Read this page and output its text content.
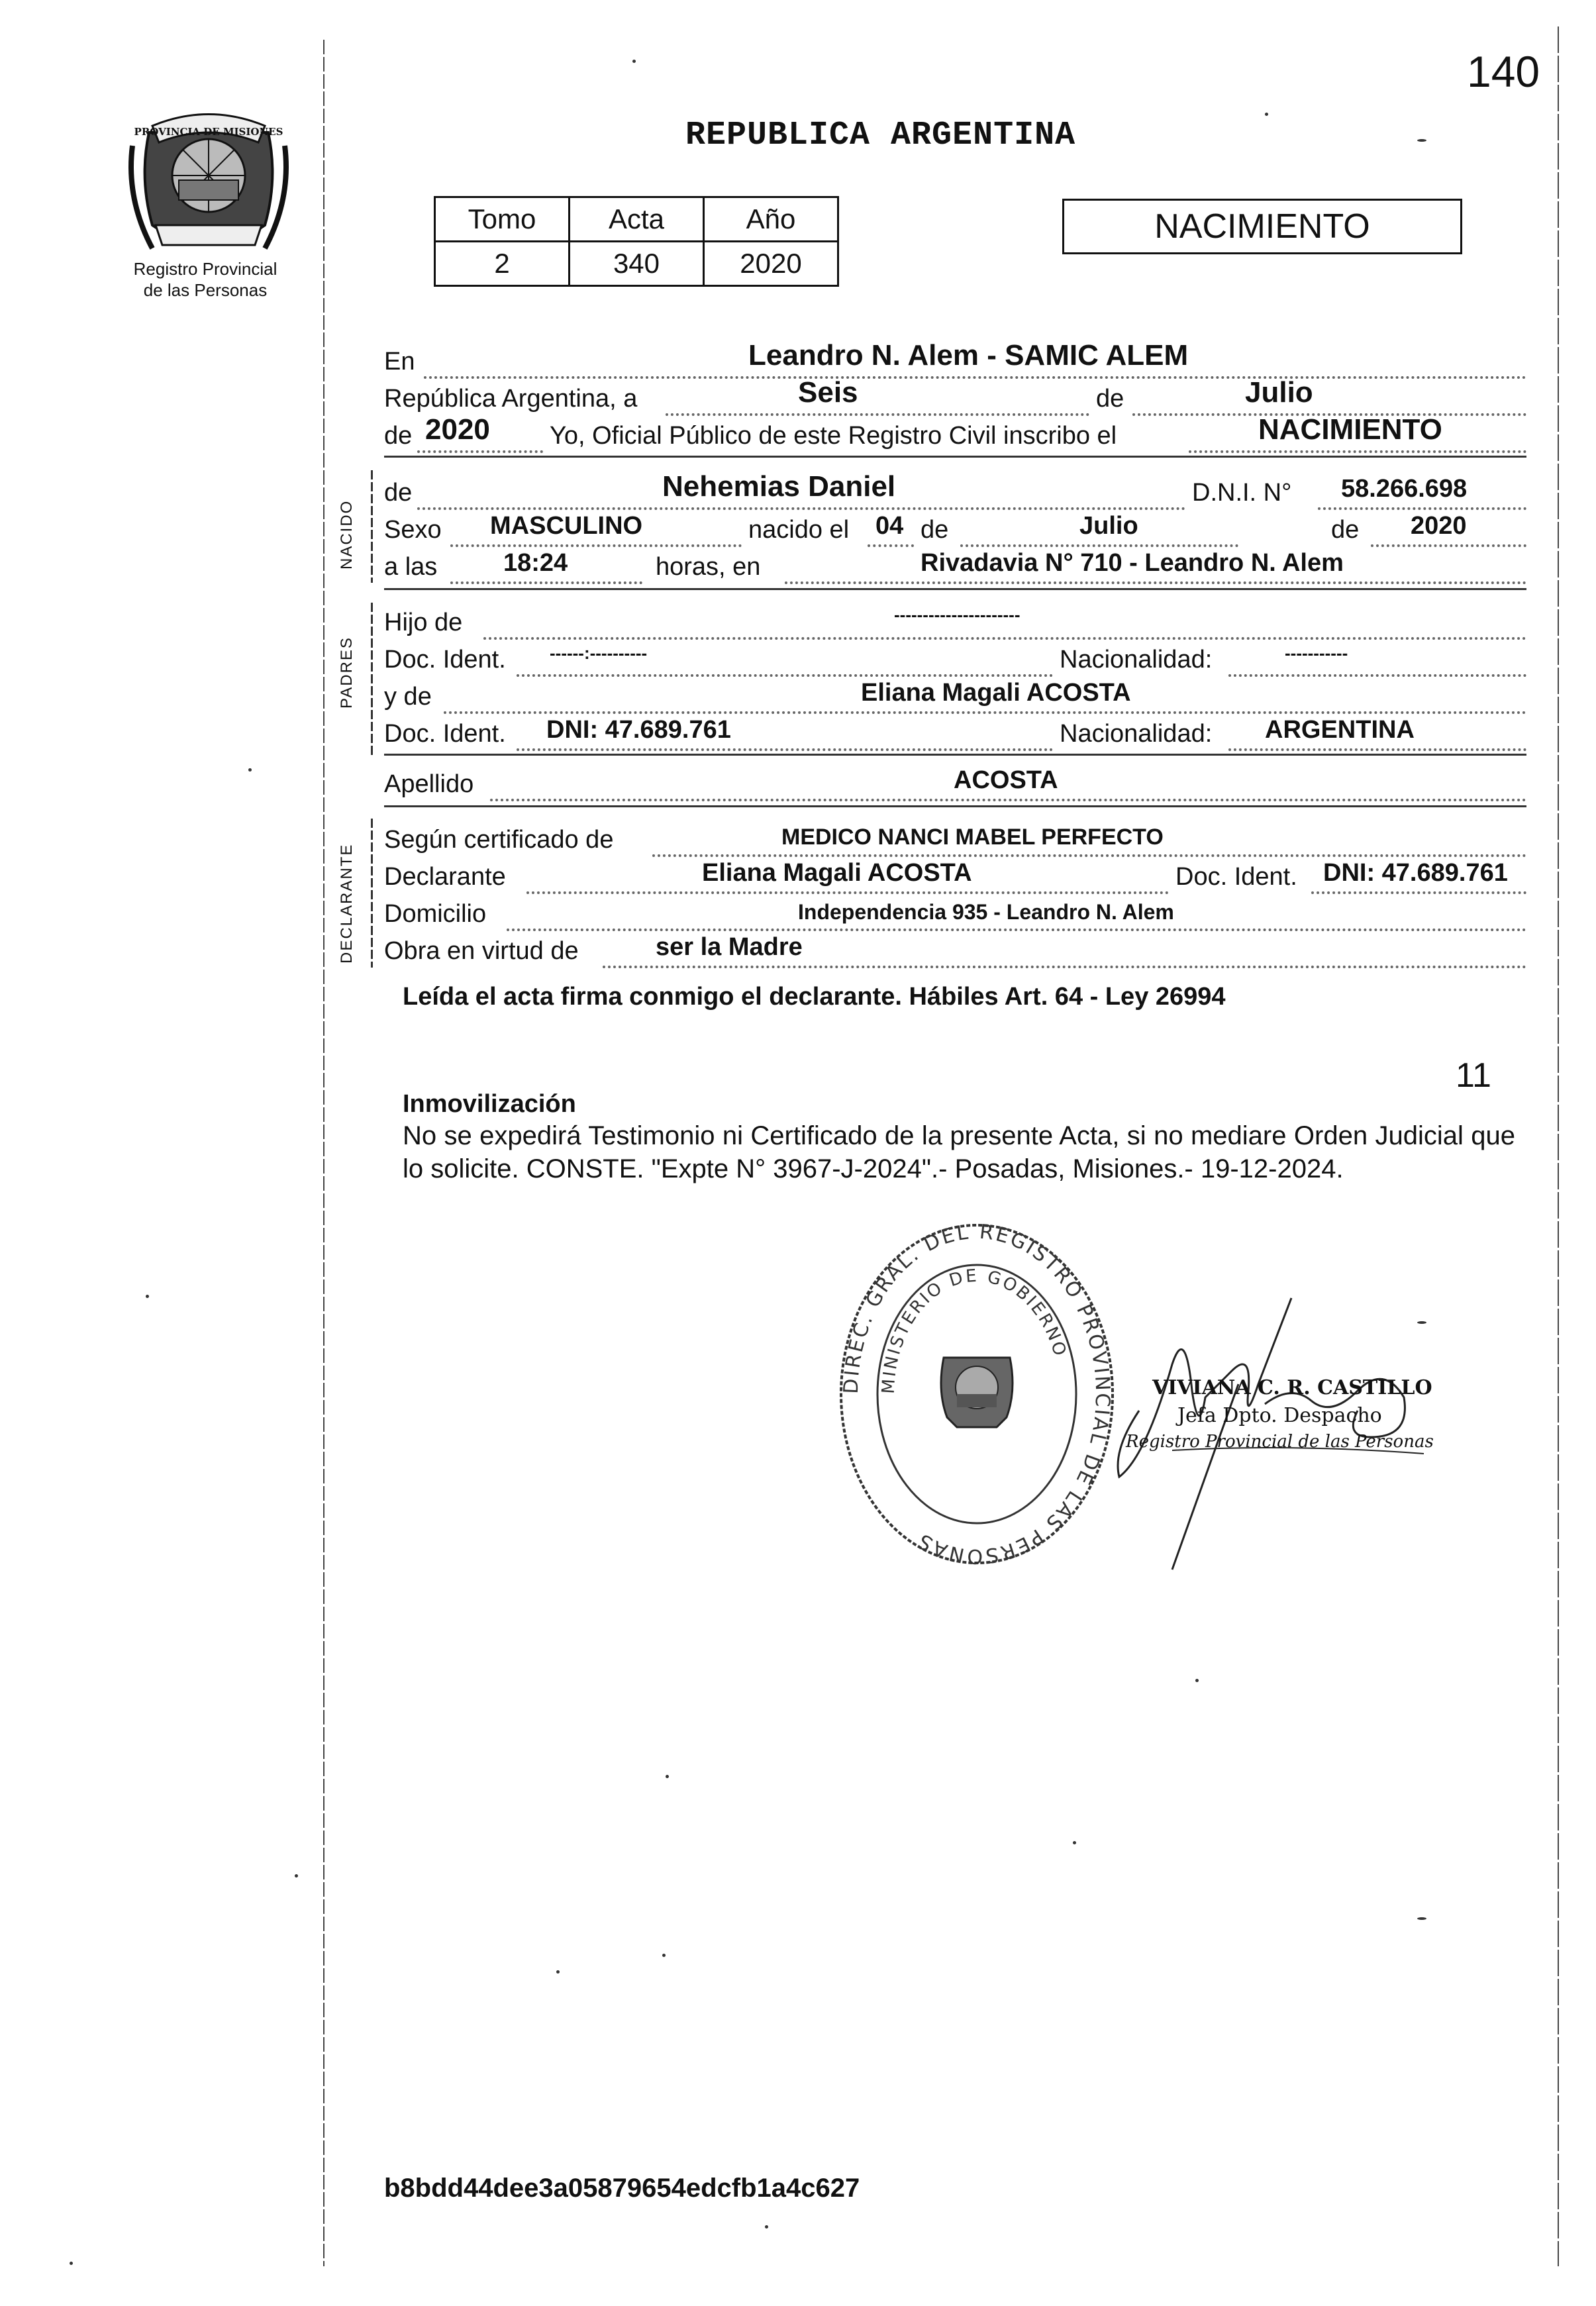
140
REPUBLICA ARGENTINA
PROVINCIA DE MISIONES
Registro Provincial
de las Personas
Tomo	Acta	Año
2	340	2020
NACIMIENTO
En	Leandro N. Alem - SAMIC ALEM
República Argentina, a	Seis	de	Julio
de 2020 Yo, Oficial Público de este Registro Civil inscribo el	NACIMIENTO
NACIDO
de	Nehemias Daniel	D.N.I. N° 58.266.698
Sexo MASCULINO	nacido el 04 de	Julio	de 2020
a las	18:24	horas, en	Rivadavia N° 710 - Leandro N. Alem
PADRES
Hijo de	----------------------
Doc. Ident.	------:----------	Nacionalidad:	-----------
y de	Eliana Magali ACOSTA
Doc. Ident. DNI: 47.689.761	Nacionalidad: ARGENTINA
Apellido	ACOSTA
DECLARANTE
Según certificado de	MEDICO NANCI MABEL PERFECTO
Declarante	Eliana Magali ACOSTA	Doc. Ident. DNI: 47.689.761
Domicilio	Independencia 935 - Leandro N. Alem
Obra en virtud de	ser la Madre
Leída el acta firma conmigo el declarante. Hábiles Art. 64 - Ley 26994
11
Inmovilización
No se expedirá Testimonio ni Certificado de la presente Acta, si no mediare Orden Judicial que lo solicite. CONSTE. "Expte N° 3967-J-2024".- Posadas, Misiones.- 19-12-2024.
DIREC. GRAL. DEL REGISTRO PROVINCIAL DE LAS PERSONAS
MINISTERIO DE GOBIERNO
VIVIANA C. R. CASTILLO
Jefa Dpto. Despacho
Registro Provincial de las Personas
b8bdd44dee3a05879654edcfb1a4c627
